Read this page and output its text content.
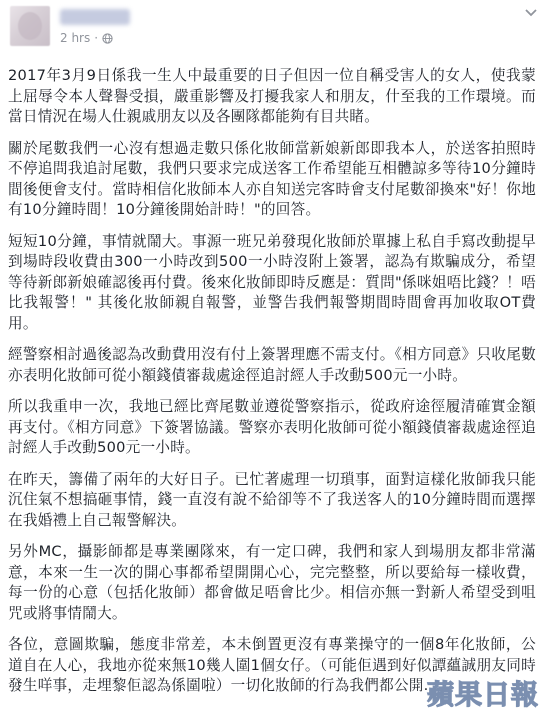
2 hrs ·

2017年3月9日係我一生人中最重要的日子但因一位自稱受害人的女人，使我蒙上屈辱令本人聲譽受損，嚴重影響及打擾我家人和朋友，什至我的工作環境。而當日情況在場人仕親戚朋友以及各團隊都能夠有目共睹。

關於尾數我們一心沒有想過走數只係化妝師當新娘新郎即我本人，於送客拍照時不停追問我追討尾數，我們只要求完成送客工作希望能互相體諒多等待10分鐘時間後便會支付。當時相信化妝師本人亦自知送完客時會支付尾數卻換來"好！你地有10分鐘時間！10分鐘後開始計時！"的回答。

短短10分鐘，事情就鬧大。事源一班兄弟發現化妝師於單據上私自手寫改動提早到場時段收費由300一小時改到500一小時沒附上簽署，認為有欺騙成分，希望等待新郎新娘確認後再付費。後來化妝師即時反應是：質問"係咪姐唔比錢？！唔比我報警！" 其後化妝師親自報警，並警告我們報警期間時間會再加收取OT費用。

經警察相討過後認為改動費用沒有付上簽署理應不需支付。《相方同意》只收尾數亦表明化妝師可從小額錢債審裁處途徑追討經人手改動500元一小時。

所以我重申一次，我地已經比齊尾數並遵從警察指示，從政府途徑履清確實金額再支付。《相方同意》下簽署協議。警察亦表明化妝師可從小額錢債審裁處途徑追討經人手改動500元一小時。

在昨天，籌備了兩年的大好日子。已忙著處理一切瑣事，面對這樣化妝師我只能沉住氣不想搞砸事情，錢一直沒有說不給卻等不了我送客人的10分鐘時間而選擇在我婚禮上自己報警解決。

另外MC，攝影師都是專業團隊來，有一定口碑，我們和家人到場朋友都非常滿意，本來一生一次的開心事都希望開開心心，完完整整，所以要給每一樣收費，每一份的心意（包括化妝師）都會做足唔會比少。相信亦無一對新人希望受到咀咒或將事情鬧大。

各位，意圖欺騙，態度非常差，本未倒置更沒有專業操守的一個8年化妝師，公道自在人心，我地亦從來無10幾人圍1個女仔。（可能佢遇到好似譚蘊誠朋友同時發生咩事，走埋黎佢認為係圍啦）一切化妝師的行為我們都公開...

蘋果日報
